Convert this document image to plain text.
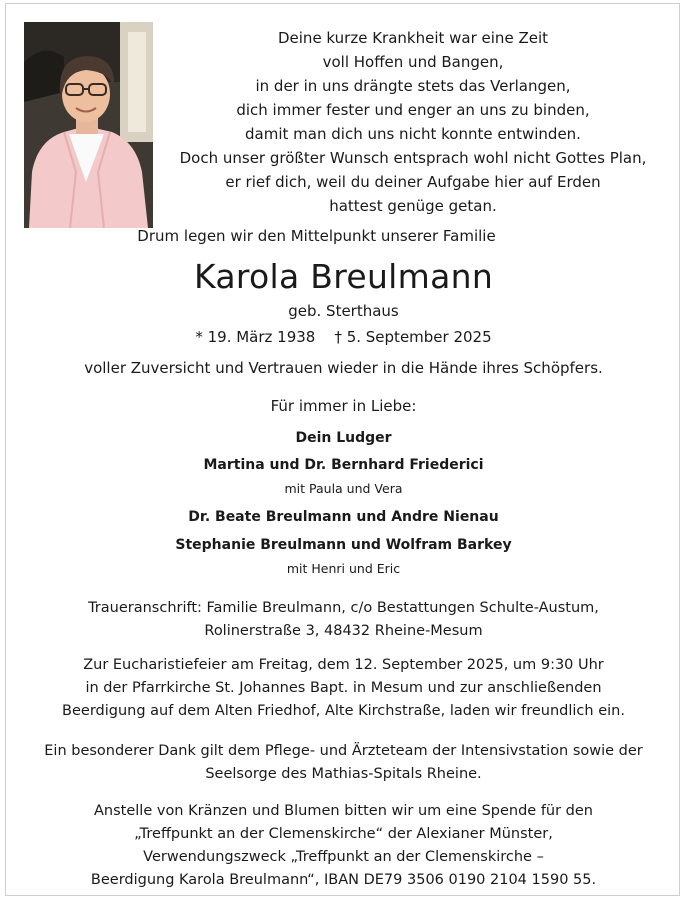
Deine kurze Krankheit war eine Zeit
voll Hoffen und Bangen,
in der in uns drängte stets das Verlangen,
dich immer fester und enger an uns zu binden,
damit man dich uns nicht konnte entwinden.
Doch unser größter Wunsch entsprach wohl nicht Gottes Plan,
er rief dich, weil du deiner Aufgabe hier auf Erden
hattest genüge getan.

Drum legen wir den Mittelpunkt unserer Familie

Karola Breulmann

geb. Sterthaus

* 19. März 1938 † 5. September 2025

voller Zuversicht und Vertrauen wieder in die Hände ihres Schöpfers.

Für immer in Liebe:

Dein Ludger

Martina und Dr. Bernhard Friederici

mit Paula und Vera

Dr. Beate Breulmann und Andre Nienau

Stephanie Breulmann und Wolfram Barkey

mit Henri und Eric

Traueranschrift: Familie Breulmann, c/o Bestattungen Schulte-Austum,
Rolinerstraße 3, 48432 Rheine-Mesum
Zur Eucharistiefeier am Freitag, dem 12. September 2025, um 9:30 Uhr
in der Pfarrkirche St. Johannes Bapt. in Mesum und zur anschließenden
Beerdigung auf dem Alten Friedhof, Alte Kirchstraße, laden wir freundlich ein.
Ein besonderer Dank gilt dem Pflege- und Ärzteteam der Intensivstation sowie der
Seelsorge des Mathias-Spitals Rheine.
Anstelle von Kränzen und Blumen bitten wir um eine Spende für den
„Treffpunkt an der Clemenskirche“ der Alexianer Münster,
Verwendungszweck „Treffpunkt an der Clemenskirche –
Beerdigung Karola Breulmann“, IBAN DE79 3506 0190 2104 1590 55.
